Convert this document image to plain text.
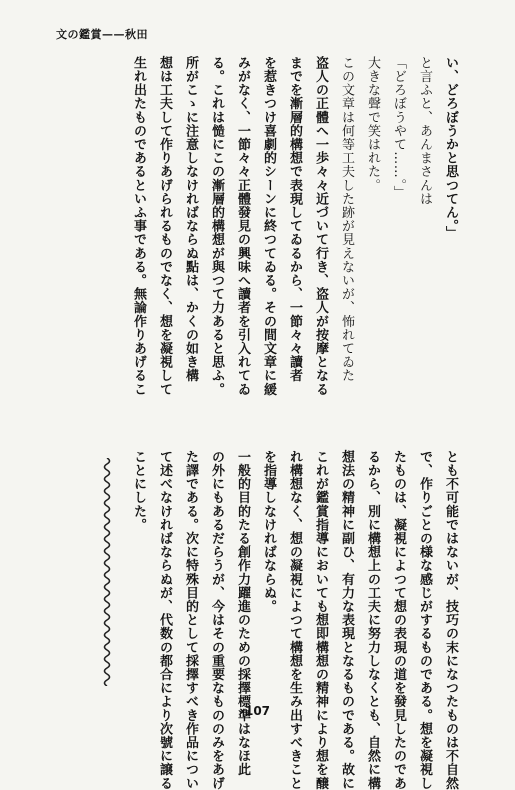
文の鑑賞——秋田
い、どろぼうかと思つてん。」
と言ふと、あんまさんは
「どろぼうやて……。」
大きな聲で笑はれた。
この文章は何等工夫した跡が見えないが、怖れてゐた
盗人の正體へ一歩々々近づいて行き、盗人が按摩となる
までを漸層的構想で表現してゐるから、一節々々讀者
を惹きつけ喜劇的シーンに終つてゐる。その間文章に緩
みがなく、一節々々正體發見の興味へ讀者を引入れてゐ
る。これは慥にこの漸層的構想が與つて力あると思ふ。
所がこゝに注意しなければならぬ點は、かくの如き構
想は工夫して作りあげられるものでなく、想を凝視して
生れ出たものであるといふ事である。無論作りあげるこ
とも不可能ではないが、技巧の末になつたものは不自然
で、作りごとの様な感じがするものである。想を凝視し
たものは、凝視によつて想の表現の道を發見したのであ
るから、別に構想上の工夫に努力しなくとも、自然に構
想法の精神に副ひ、有力な表現となるものである。故に
これが鑑賞指導においても想即構想の精神により想を醸
れ構想なく、想の凝視によつて構想を生み出すべきこと
を指導しなければならぬ。
一般的目的たる創作力躍進のための採擇標準はなほ此
の外にもあるだらうが、今はその重要なもののみをあげ
た譯である。次に特殊目的として採擇すべき作品につい
て述べなければならぬが、代数の都合により次號に譲る
ことにした。
107
